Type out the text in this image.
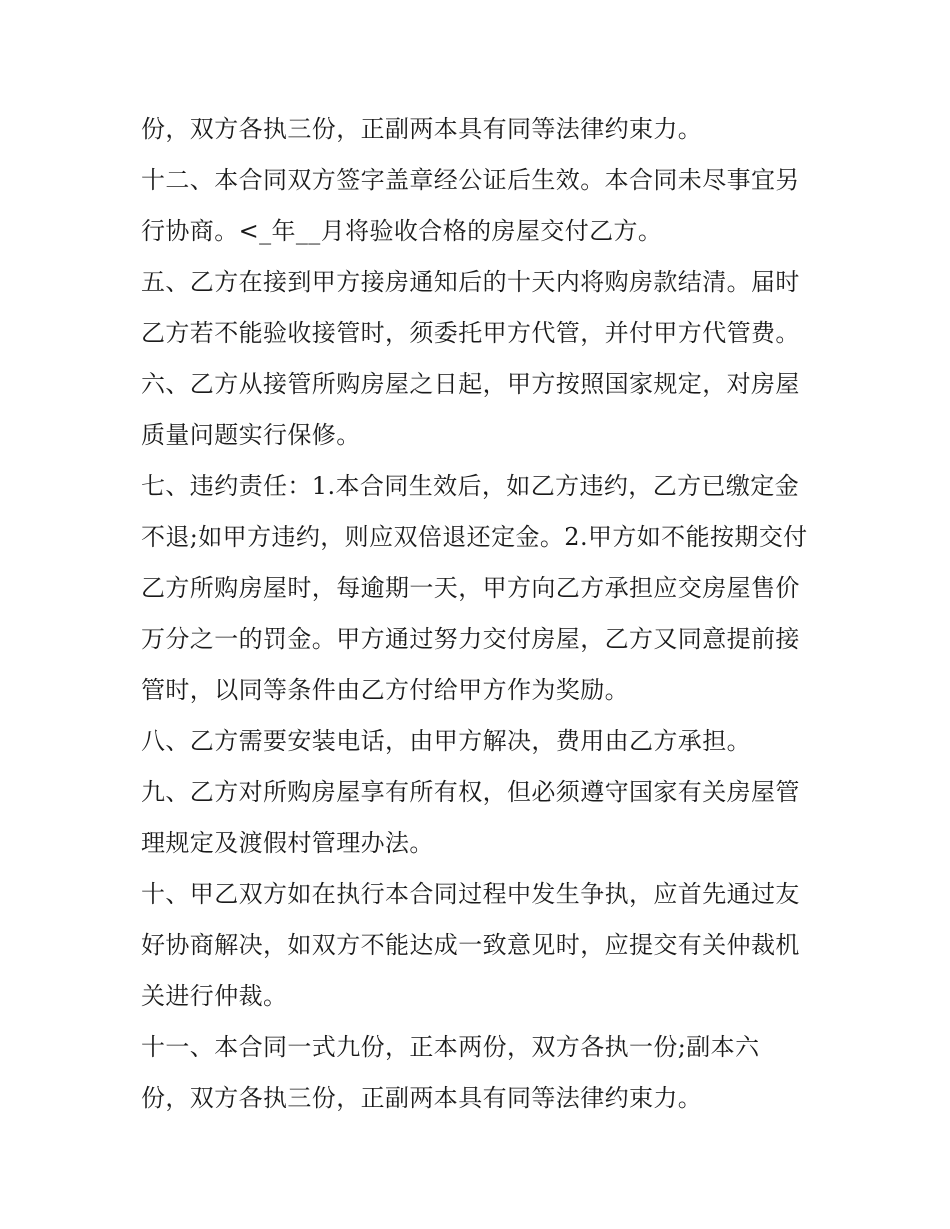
份，双方各执三份，正副两本具有同等法律约束力。
十二、本合同双方签字盖章经公证后生效。本合同未尽事宜另
行协商。<_年__月将验收合格的房屋交付乙方。
五、乙方在接到甲方接房通知后的十天内将购房款结清。届时
乙方若不能验收接管时，须委托甲方代管，并付甲方代管费。
六、乙方从接管所购房屋之日起，甲方按照国家规定，对房屋
质量问题实行保修。
七、违约责任：1.本合同生效后，如乙方违约，乙方已缴定金
不退;如甲方违约，则应双倍退还定金。2.甲方如不能按期交付
乙方所购房屋时，每逾期一天，甲方向乙方承担应交房屋售价
万分之一的罚金。甲方通过努力交付房屋，乙方又同意提前接
管时，以同等条件由乙方付给甲方作为奖励。
八、乙方需要安装电话，由甲方解决，费用由乙方承担。
九、乙方对所购房屋享有所有权，但必须遵守国家有关房屋管
理规定及渡假村管理办法。
十、甲乙双方如在执行本合同过程中发生争执，应首先通过友
好协商解决，如双方不能达成一致意见时，应提交有关仲裁机
关进行仲裁。
十一、本合同一式九份，正本两份，双方各执一份;副本六
份，双方各执三份，正副两本具有同等法律约束力。
